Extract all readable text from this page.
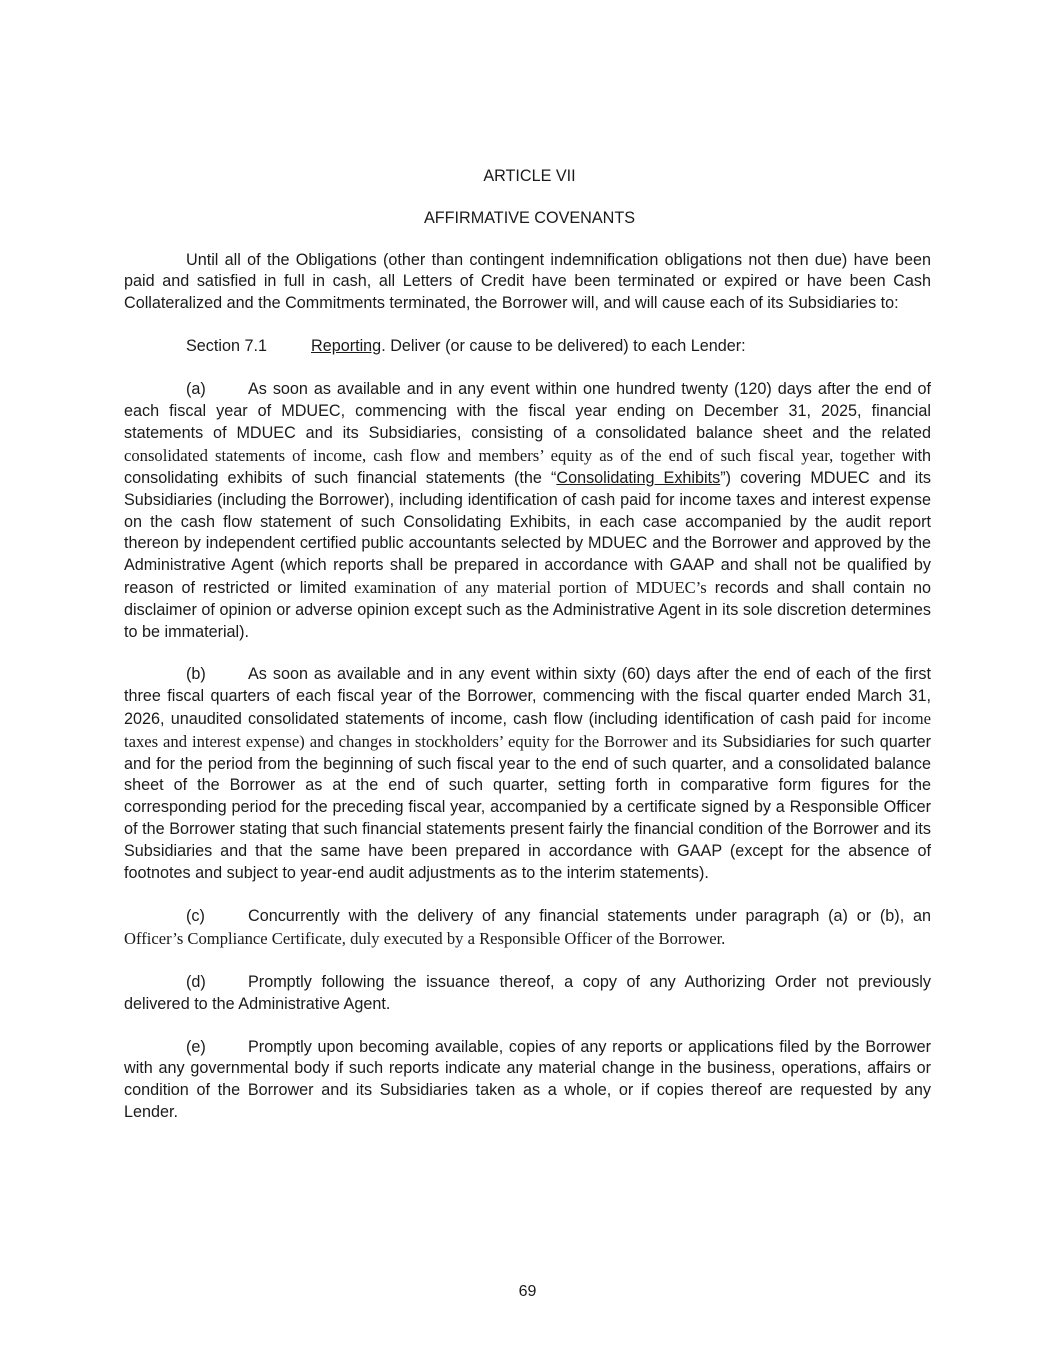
ARTICLE VII

AFFIRMATIVE COVENANTS

Until all of the Obligations (other than contingent indemnification obligations not then due) have been paid and satisfied in full in cash, all Letters of Credit have been terminated or expired or have been Cash Collateralized and the Commitments terminated, the Borrower will, and will cause each of its Subsidiaries to:

Section 7.1	Reporting. Deliver (or cause to be delivered) to each Lender:

(a)	As soon as available and in any event within one hundred twenty (120) days after the end of each fiscal year of MDUEC, commencing with the fiscal year ending on December 31, 2025, financial statements of MDUEC and its Subsidiaries, consisting of a consolidated balance sheet and the related consolidated statements of income, cash flow and members’ equity as of the end of such fiscal year, together with consolidating exhibits of such financial statements (the “Consolidating Exhibits”) covering MDUEC and its Subsidiaries (including the Borrower), including identification of cash paid for income taxes and interest expense on the cash flow statement of such Consolidating Exhibits, in each case accompanied by the audit report thereon by independent certified public accountants selected by MDUEC and the Borrower and approved by the Administrative Agent (which reports shall be prepared in accordance with GAAP and shall not be qualified by reason of restricted or limited examination of any material portion of MDUEC’s records and shall contain no disclaimer of opinion or adverse opinion except such as the Administrative Agent in its sole discretion determines to be immaterial).

(b)	As soon as available and in any event within sixty (60) days after the end of each of the first three fiscal quarters of each fiscal year of the Borrower, commencing with the fiscal quarter ended March 31, 2026, unaudited consolidated statements of income, cash flow (including identification of cash paid for income taxes and interest expense) and changes in stockholders’ equity for the Borrower and its Subsidiaries for such quarter and for the period from the beginning of such fiscal year to the end of such quarter, and a consolidated balance sheet of the Borrower as at the end of such quarter, setting forth in comparative form figures for the corresponding period for the preceding fiscal year, accompanied by a certificate signed by a Responsible Officer of the Borrower stating that such financial statements present fairly the financial condition of the Borrower and its Subsidiaries and that the same have been prepared in accordance with GAAP (except for the absence of footnotes and subject to year-end audit adjustments as to the interim statements).

(c)	Concurrently with the delivery of any financial statements under paragraph (a) or (b), an Officer’s Compliance Certificate, duly executed by a Responsible Officer of the Borrower.

(d)	Promptly following the issuance thereof, a copy of any Authorizing Order not previously delivered to the Administrative Agent.

(e)	Promptly upon becoming available, copies of any reports or applications filed by the Borrower with any governmental body if such reports indicate any material change in the business, operations, affairs or condition of the Borrower and its Subsidiaries taken as a whole, or if copies thereof are requested by any Lender.

69
